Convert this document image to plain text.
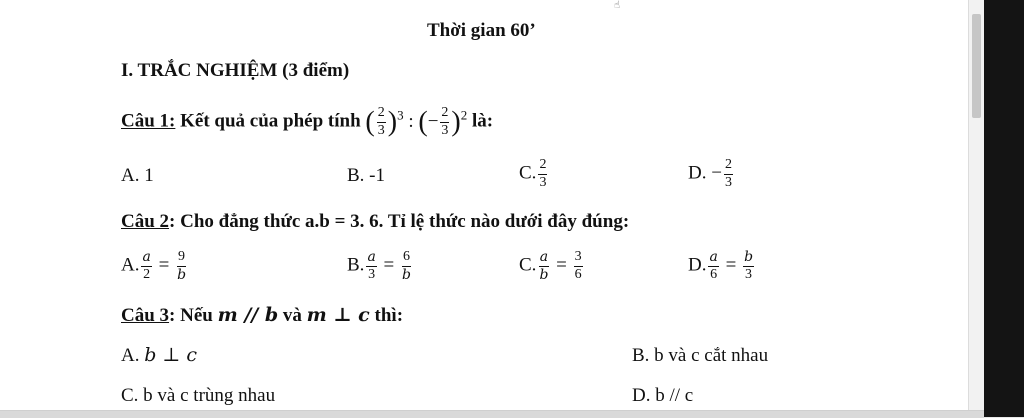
☝
Thời gian 60’
I. TRẮC NGHIỆM (3 điểm)
Câu 1: Kết quả của phép tính ( $\frac{2}{3} )^3$ : (− $\frac{2}{3} )^2$ là:
A. 1	B. -1	C. $\frac{2}{3}$	D. − $\frac{2}{3}$
Câu 2: Cho đẳng thức a.b = 3. 6. Tỉ lệ thức nào dưới đây đúng:
A. $\frac{a}{2} = \frac{9}{b}$	B. $\frac{a}{3} = \frac{6}{b}$	C. $\frac{a}{b} = \frac{3}{6}$	D. $\frac{a}{6} = \frac{b}{3}$
Câu 3: Nếu m // b và m ⊥ c thì:
A. b ⊥ c	B. b và c cắt nhau
C. b và c trùng nhau	D. b // c
